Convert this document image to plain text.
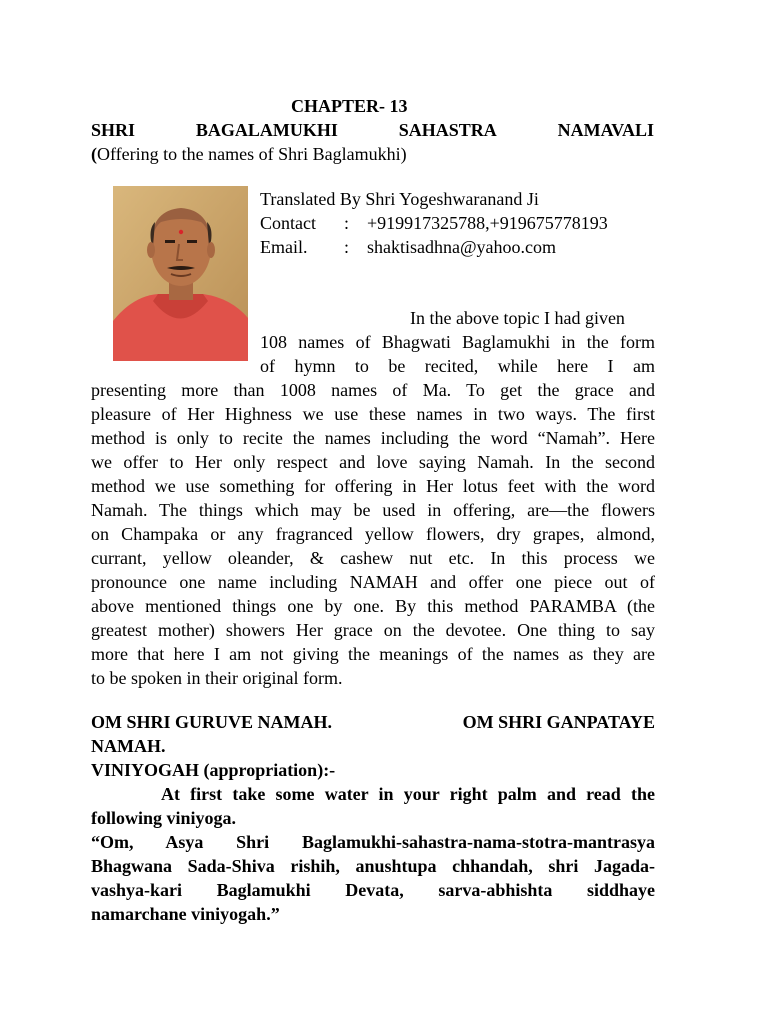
CHAPTER- 13
SHRI	BAGALAMUKHI	SAHASTRA	NAMAVALI
(Offering to the names of Shri Baglamukhi)
Translated By Shri Yogeshwaranand Ji
Contact : +919917325788,+919675778193
Email. : shaktisadhna@yahoo.com
In the above topic I had given
108 names of Bhagwati Baglamukhi in the form
of hymn to be recited, while here I am
presenting more than 1008 names of Ma. To get the grace and
pleasure of Her Highness we use these names in two ways. The first
method is only to recite the names including the word “Namah”. Here
we offer to Her only respect and love saying Namah. In the second
method we use something for offering in Her lotus feet with the word
Namah. The things which may be used in offering, are—the flowers
on Champaka or any fragranced yellow flowers, dry grapes, almond,
currant, yellow oleander, & cashew nut etc. In this process we
pronounce one name including NAMAH and offer one piece out of
above mentioned things one by one. By this method PARAMBA (the
greatest mother) showers Her grace on the devotee. One thing to say
more that here I am not giving the meanings of the names as they are
to be spoken in their original form.
OM SHRI GURUVE NAMAH.	OM SHRI GANPATAYE
NAMAH.
VINIYOGAH (appropriation):-
At first take some water in your right palm and read the
following viniyoga.
“Om, Asya Shri Baglamukhi-sahastra-nama-stotra-mantrasya
Bhagwana Sada-Shiva rishih, anushtupa chhandah, shri Jagada-
vashya-kari Baglamukhi Devata, sarva-abhishta siddhaye
namarchane viniyogah.”
